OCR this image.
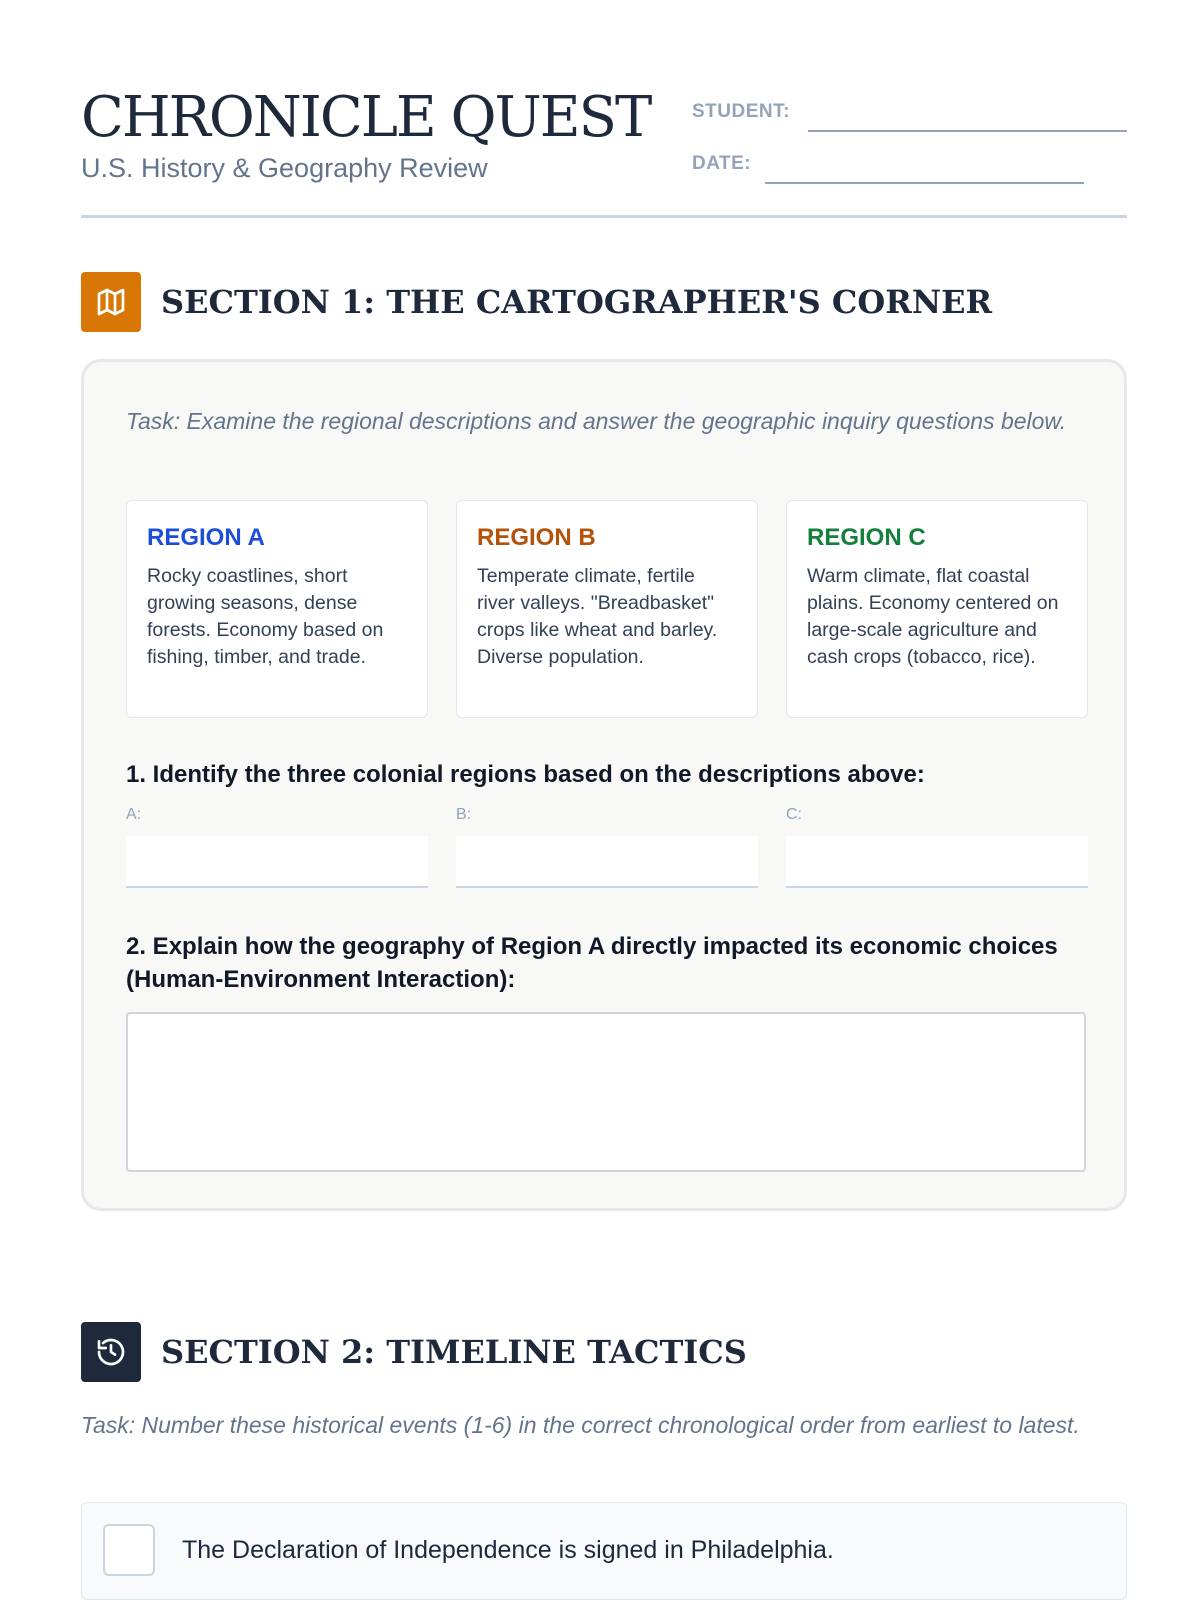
CHRONICLE QUEST
U.S. History & Geography Review
STUDENT:
DATE:
SECTION 1: THE CARTOGRAPHER'S CORNER
Task: Examine the regional descriptions and answer the geographic inquiry questions below.
REGION A

Rocky coastlines, short growing seasons, dense forests. Economy based on fishing, timber, and trade.

REGION B

Temperate climate, fertile river valleys. "Breadbasket" crops like wheat and barley. Diverse population.

REGION C

Warm climate, flat coastal plains. Economy centered on large-scale agriculture and cash crops (tobacco, rice).

1. Identify the three colonial regions based on the descriptions above:
A:	B:	C:
2. Explain how the geography of Region A directly impacted its economic choices (Human-Environment Interaction):
SECTION 2: TIMELINE TACTICS
Task: Number these historical events (1-6) in the correct chronological order from earliest to latest.
The Declaration of Independence is signed in Philadelphia.
